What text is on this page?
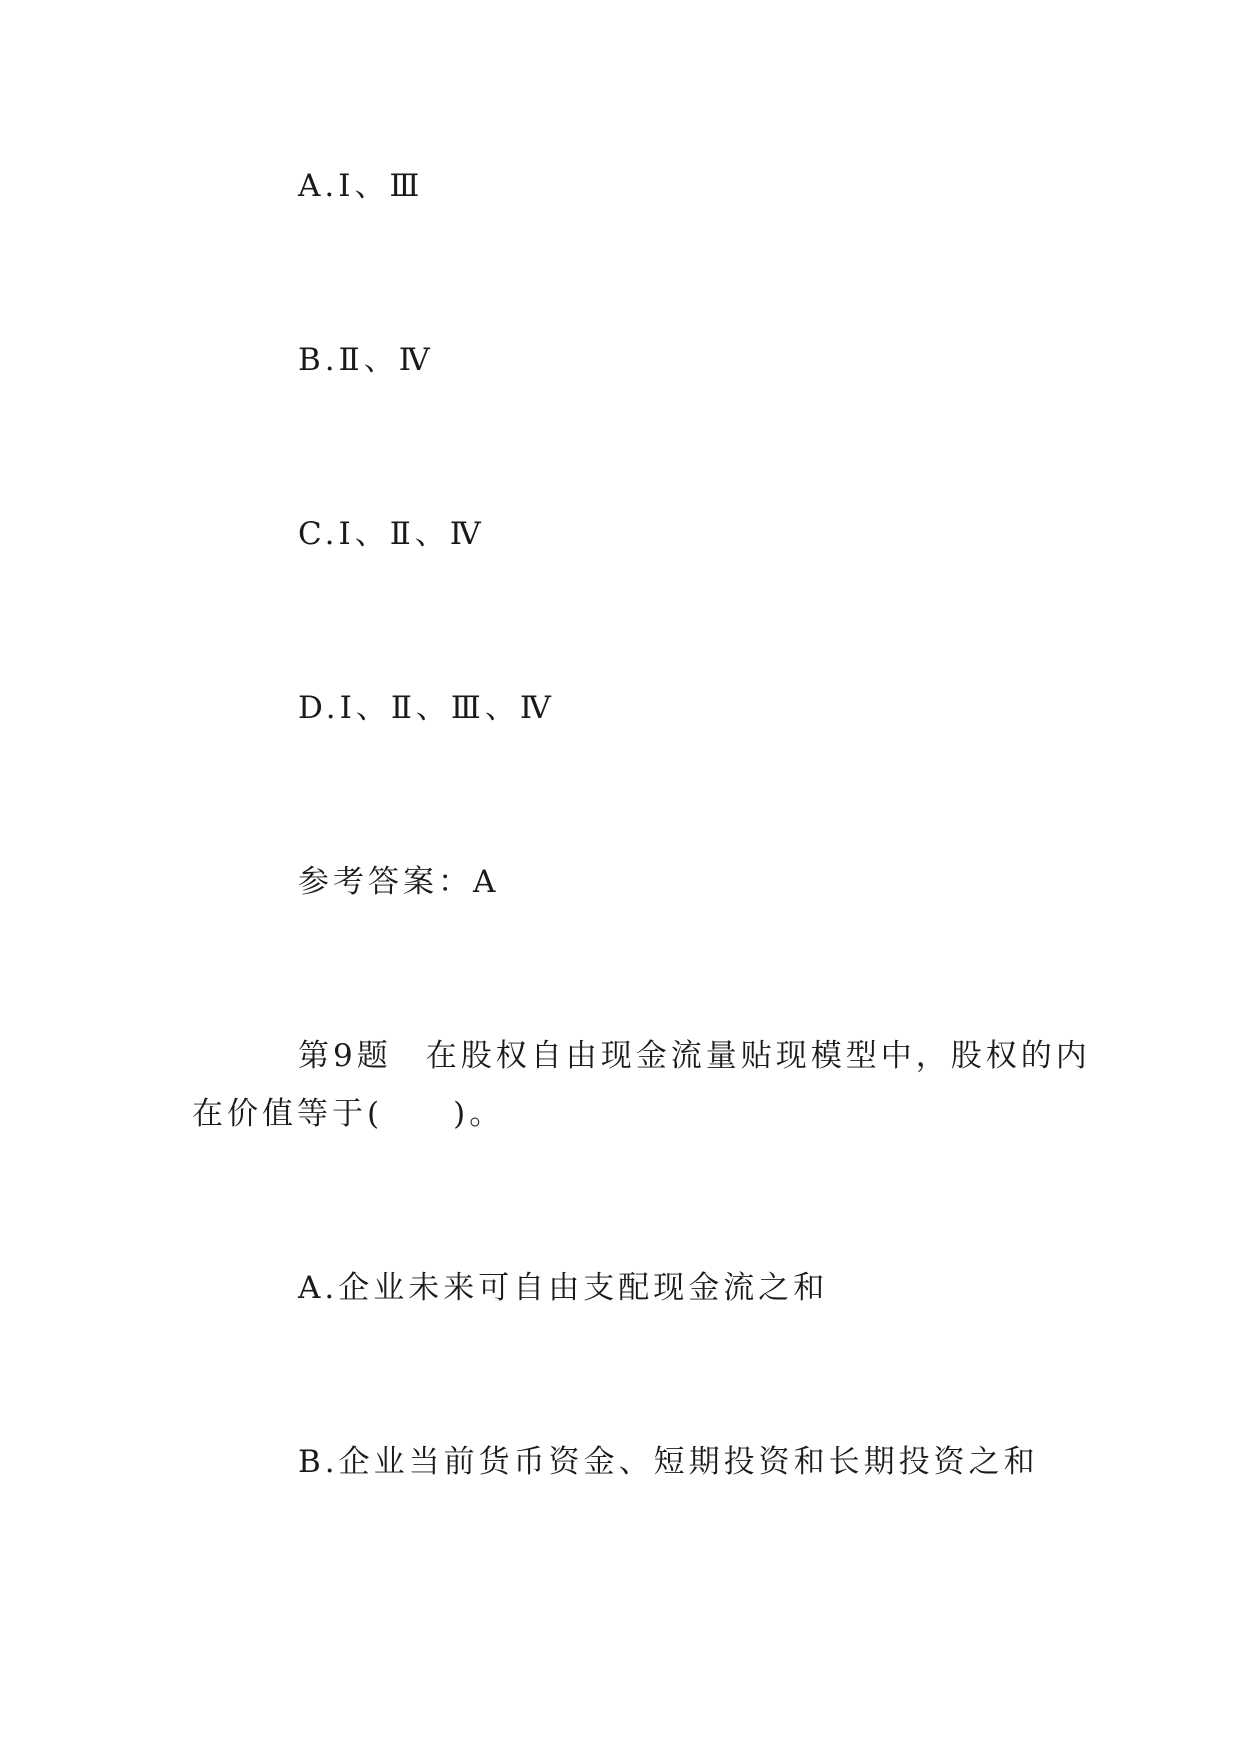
A.Ⅰ、Ⅲ
B.Ⅱ、Ⅳ
C.Ⅰ、Ⅱ、Ⅳ
D.Ⅰ、Ⅱ、Ⅲ、Ⅳ
参考答案：A
第9题 在股权自由现金流量贴现模型中，股权的内
在价值等于(　　)。
A.企业未来可自由支配现金流之和
B.企业当前货币资金、短期投资和长期投资之和
